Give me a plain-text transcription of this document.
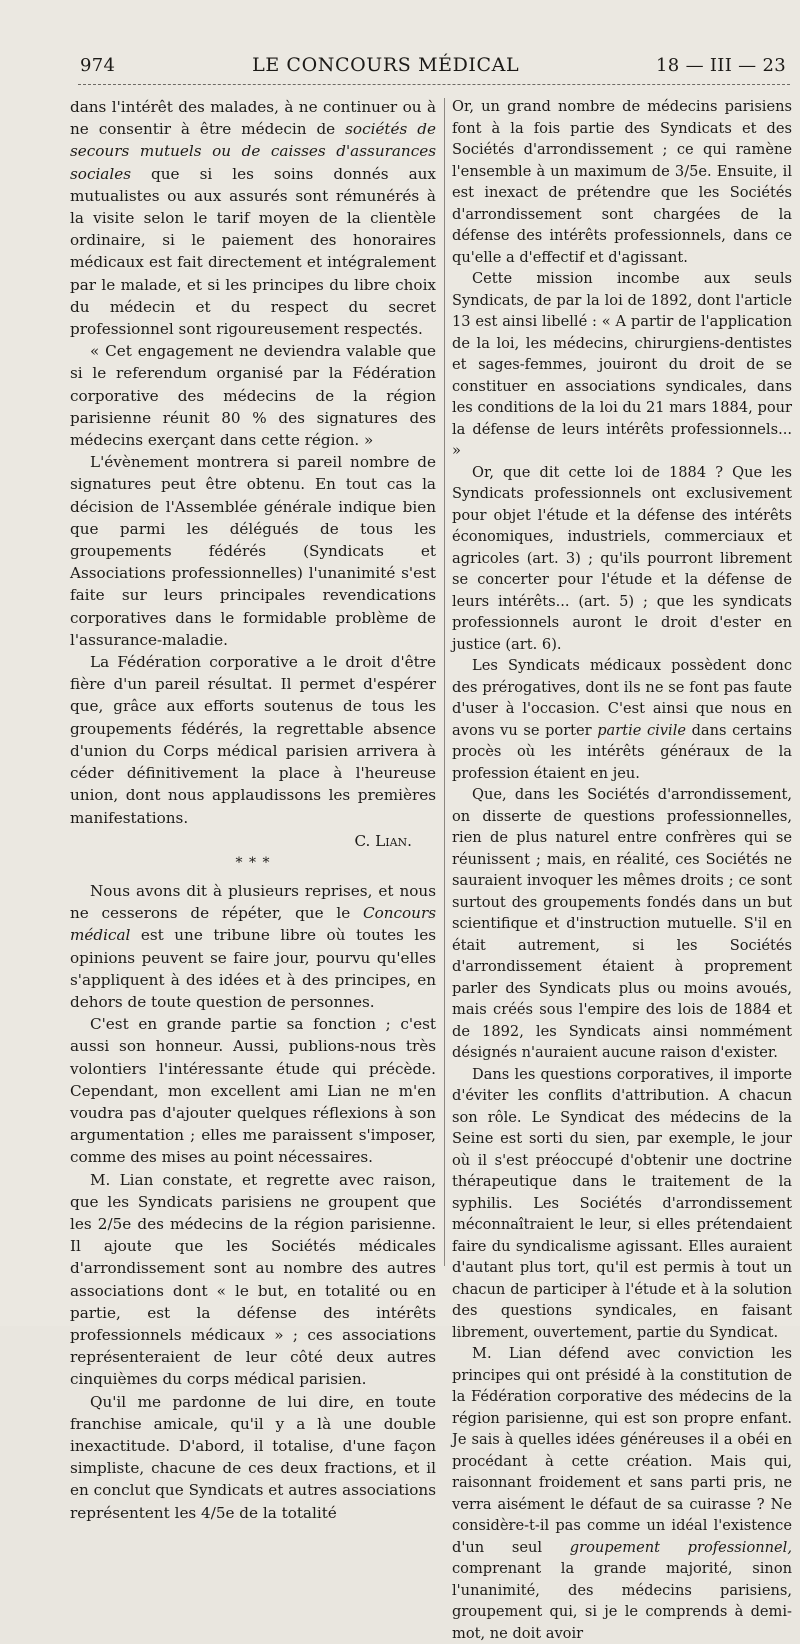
974	LE CONCOURS MÉDICAL	18 — III — 23

dans l'intérêt des malades, à ne continuer ou à ne consentir à être médecin de sociétés de secours mutuels ou de caisses d'assurances sociales que si les soins donnés aux mutualistes ou aux assurés sont rémunérés à la visite selon le tarif moyen de la clientèle ordinaire, si le paiement des honoraires médicaux est fait directement et intégralement par le malade, et si les principes du libre choix du médecin et du respect du secret professionnel sont rigoureusement respectés.

« Cet engagement ne deviendra valable que si le referendum organisé par la Fédération corporative des médecins de la région parisienne réunit 80 % des signatures des médecins exerçant dans cette région. »

L'évènement montrera si pareil nombre de signatures peut être obtenu. En tout cas la décision de l'Assemblée générale indique bien que parmi les délégués de tous les groupements fédérés (Syndicats et Associations professionnelles) l'unanimité s'est faite sur leurs principales revendications corporatives dans le formidable problème de l'assurance-maladie.

La Fédération corporative a le droit d'être fière d'un pareil résultat. Il permet d'espérer que, grâce aux efforts soutenus de tous les groupements fédérés, la regrettable absence d'union du Corps médical parisien arrivera à céder définitivement la place à l'heureuse union, dont nous applaudissons les premières manifestations.

C. Lian.

* * *

Nous avons dit à plusieurs reprises, et nous ne cesserons de répéter, que le Concours médical est une tribune libre où toutes les opinions peuvent se faire jour, pourvu qu'elles s'appliquent à des idées et à des principes, en dehors de toute question de personnes.

C'est en grande partie sa fonction ; c'est aussi son honneur. Aussi, publions-nous très volontiers l'intéressante étude qui précède. Cependant, mon excellent ami Lian ne m'en voudra pas d'ajouter quelques réflexions à son argumentation ; elles me paraissent s'imposer, comme des mises au point nécessaires.

M. Lian constate, et regrette avec raison, que les Syndicats parisiens ne groupent que les 2/5e des médecins de la région parisienne. Il ajoute que les Sociétés médicales d'arrondissement sont au nombre des autres associations dont « le but, en totalité ou en partie, est la défense des intérêts professionnels médicaux » ; ces associations représenteraient de leur côté deux autres cinquièmes du corps médical parisien.

Qu'il me pardonne de lui dire, en toute franchise amicale, qu'il y a là une double inexactitude. D'abord, il totalise, d'une façon simpliste, chacune de ces deux fractions, et il en conclut que Syndicats et autres associations représentent les 4/5e de la totalité

Or, un grand nombre de médecins parisiens font à la fois partie des Syndicats et des Sociétés d'arrondissement ; ce qui ramène l'ensemble à un maximum de 3/5e. Ensuite, il est inexact de prétendre que les Sociétés d'arrondissement sont chargées de la défense des intérêts professionnels, dans ce qu'elle a d'effectif et d'agissant.

Cette mission incombe aux seuls Syndicats, de par la loi de 1892, dont l'article 13 est ainsi libellé : « A partir de l'application de la loi, les médecins, chirurgiens-dentistes et sages-femmes, jouiront du droit de se constituer en associations syndicales, dans les conditions de la loi du 21 mars 1884, pour la défense de leurs intérêts professionnels... »

Or, que dit cette loi de 1884 ? Que les Syndicats professionnels ont exclusivement pour objet l'étude et la défense des intérêts économiques, industriels, commerciaux et agricoles (art. 3) ; qu'ils pourront librement se concerter pour l'étude et la défense de leurs intérêts... (art. 5) ; que les syndicats professionnels auront le droit d'ester en justice (art. 6).

Les Syndicats médicaux possèdent donc des prérogatives, dont ils ne se font pas faute d'user à l'occasion. C'est ainsi que nous en avons vu se porter partie civile dans certains procès où les intérêts généraux de la profession étaient en jeu.

Que, dans les Sociétés d'arrondissement, on disserte de questions professionnelles, rien de plus naturel entre confrères qui se réunissent ; mais, en réalité, ces Sociétés ne sauraient invoquer les mêmes droits ; ce sont surtout des groupements fondés dans un but scientifique et d'instruction mutuelle. S'il en était autrement, si les Sociétés d'arrondissement étaient à proprement parler des Syndicats plus ou moins avoués, mais créés sous l'empire des lois de 1884 et de 1892, les Syndicats ainsi nommément désignés n'auraient aucune raison d'exister.

Dans les questions corporatives, il importe d'éviter les conflits d'attribution. A chacun son rôle. Le Syndicat des médecins de la Seine est sorti du sien, par exemple, le jour où il s'est préoccupé d'obtenir une doctrine thérapeutique dans le traitement de la syphilis. Les Sociétés d'arrondissement méconnaîtraient le leur, si elles prétendaient faire du syndicalisme agissant. Elles auraient d'autant plus tort, qu'il est permis à tout un chacun de participer à l'étude et à la solution des questions syndicales, en faisant librement, ouvertement, partie du Syndicat.

M. Lian défend avec conviction les principes qui ont présidé à la constitution de la Fédération corporative des médecins de la région parisienne, qui est son propre enfant. Je sais à quelles idées généreuses il a obéi en procédant à cette création. Mais qui, raisonnant froidement et sans parti pris, ne verra aisément le défaut de sa cuirasse ? Ne considère-t-il pas comme un idéal l'existence d'un seul groupement professionnel, comprenant la grande majorité, sinon l'unanimité, des médecins parisiens, groupement qui, si je le comprends à demi-mot, ne doit avoir
